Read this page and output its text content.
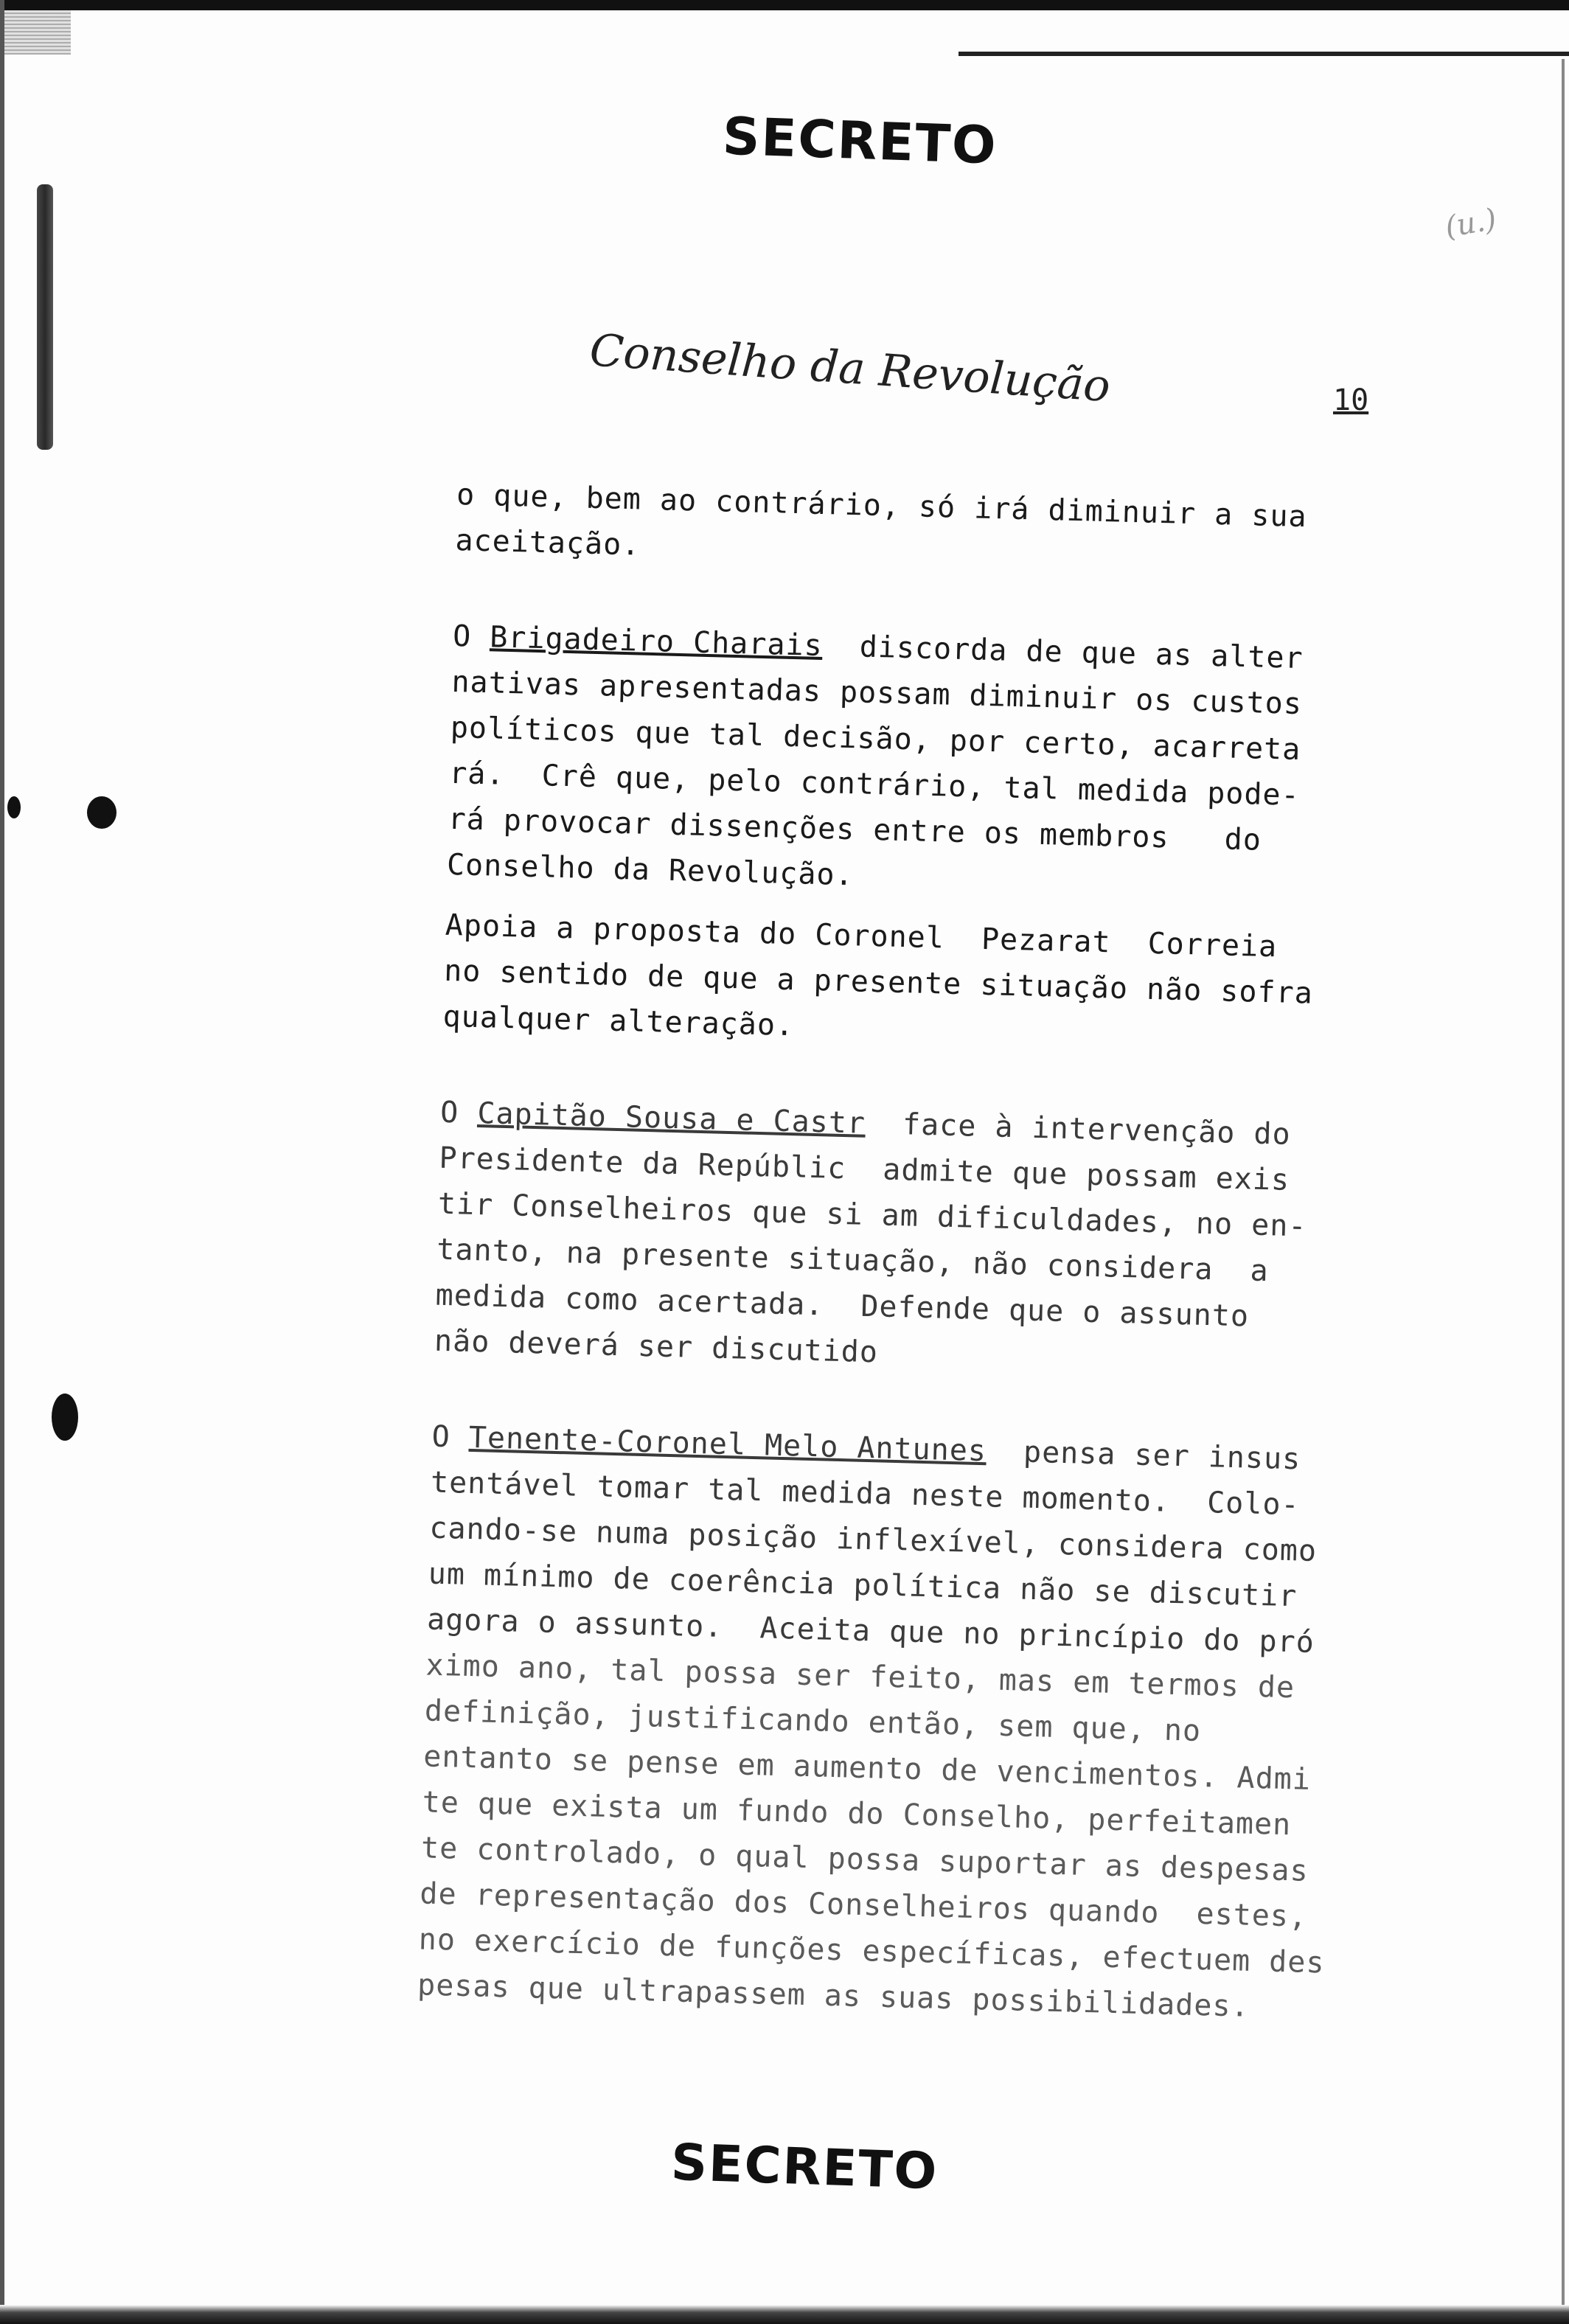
SECRETO
(u.)
Conselho da Revolução	10
o que, bem ao contrário, só irá diminuir a sua
aceitação.
O Brigadeiro Charais  discorda de que as alter
nativas apresentadas possam diminuir os custos
políticos que tal decisão, por certo, acarreta
rá.  Crê que, pelo contrário, tal medida pode-
rá provocar dissenções entre os membros   do
Conselho da Revolução.
Apoia a proposta do Coronel  Pezarat  Correia
no sentido de que a presente situação não sofra
qualquer alteração.
O Capitão Sousa e Castr  face à intervenção do
Presidente da Repúblic  admite que possam exis
tir Conselheiros que si am dificuldades, no en-
tanto, na presente situação, não considera  a
medida como acertada.  Defende que o assunto
não deverá ser discutido
O Tenente-Coronel Melo Antunes  pensa ser insus
tentável tomar tal medida neste momento.  Colo-
cando-se numa posição inflexível, considera como
um mínimo de coerência política não se discutir
agora o assunto.  Aceita que no princípio do pró
ximo ano, tal possa ser feito, mas em termos de
definição, justificando então, sem que, no
entanto se pense em aumento de vencimentos. Admi
te que exista um fundo do Conselho, perfeitamen
te controlado, o qual possa suportar as despesas
de representação dos Conselheiros quando  estes,
no exercício de funções específicas, efectuem des
pesas que ultrapassem as suas possibilidades.
SECRETO
